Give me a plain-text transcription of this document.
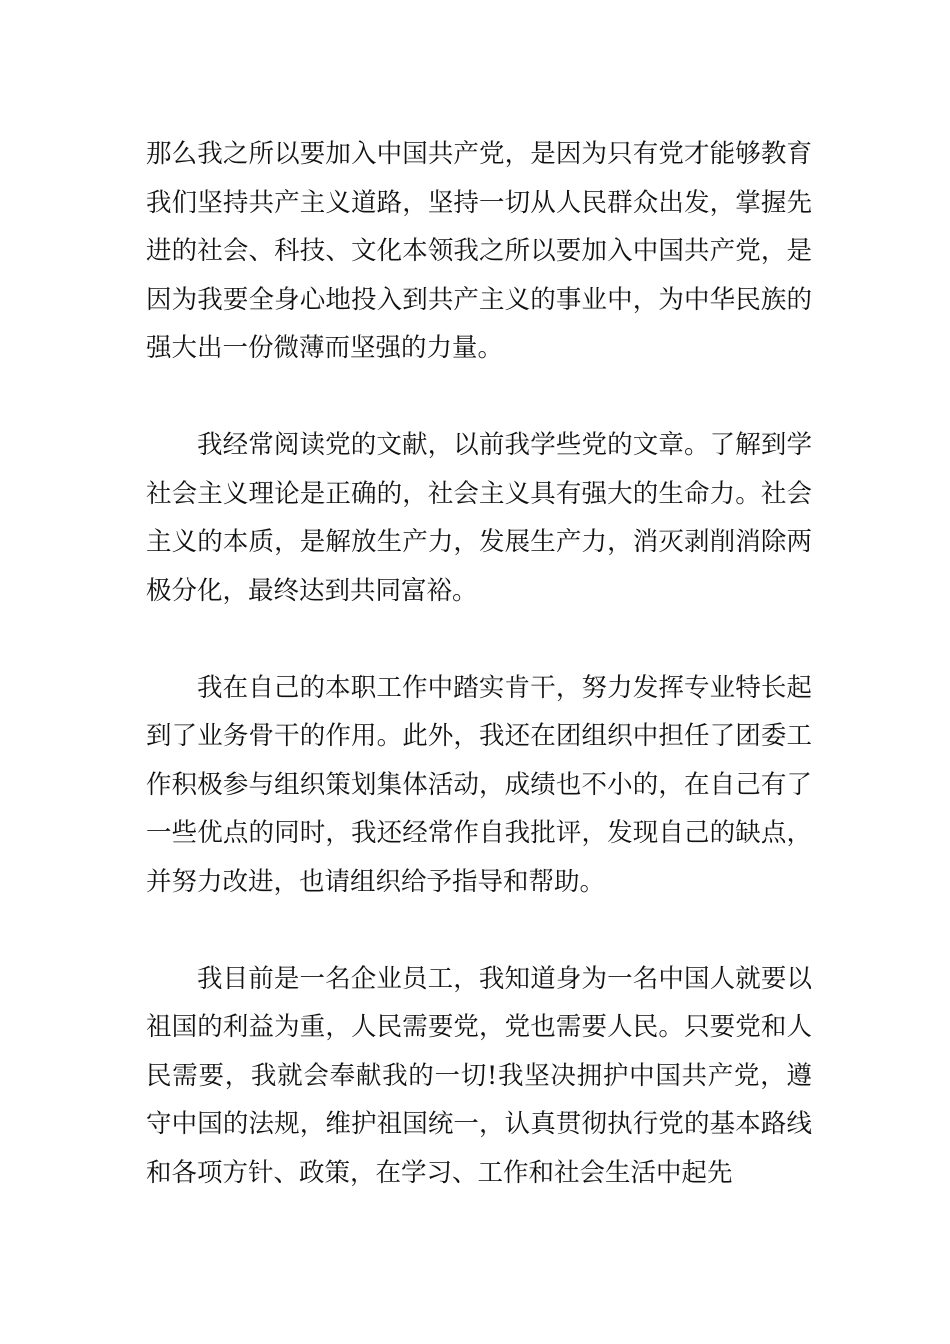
那么我之所以要加入中国共产党，是因为只有党才能够教育我们坚持共产主义道路，坚持一切从人民群众出发，掌握先进的社会、科技、文化本领我之所以要加入中国共产党，是因为我要全身心地投入到共产主义的事业中，为中华民族的强大出一份微薄而坚强的力量。

我经常阅读党的文献，以前我学些党的文章。了解到学社会主义理论是正确的，社会主义具有强大的生命力。社会主义的本质，是解放生产力，发展生产力，消灭剥削消除两极分化，最终达到共同富裕。

我在自己的本职工作中踏实肯干，努力发挥专业特长起到了业务骨干的作用。此外，我还在团组织中担任了团委工作积极参与组织策划集体活动，成绩也不小的，在自己有了一些优点的同时，我还经常作自我批评，发现自己的缺点，并努力改进，也请组织给予指导和帮助。

我目前是一名企业员工，我知道身为一名中国人就要以祖国的利益为重，人民需要党，党也需要人民。只要党和人民需要，我就会奉献我的一切!我坚决拥护中国共产党，遵守中国的法规，维护祖国统一，认真贯彻执行党的基本路线和各项方针、政策，在学习、工作和社会生活中起先
